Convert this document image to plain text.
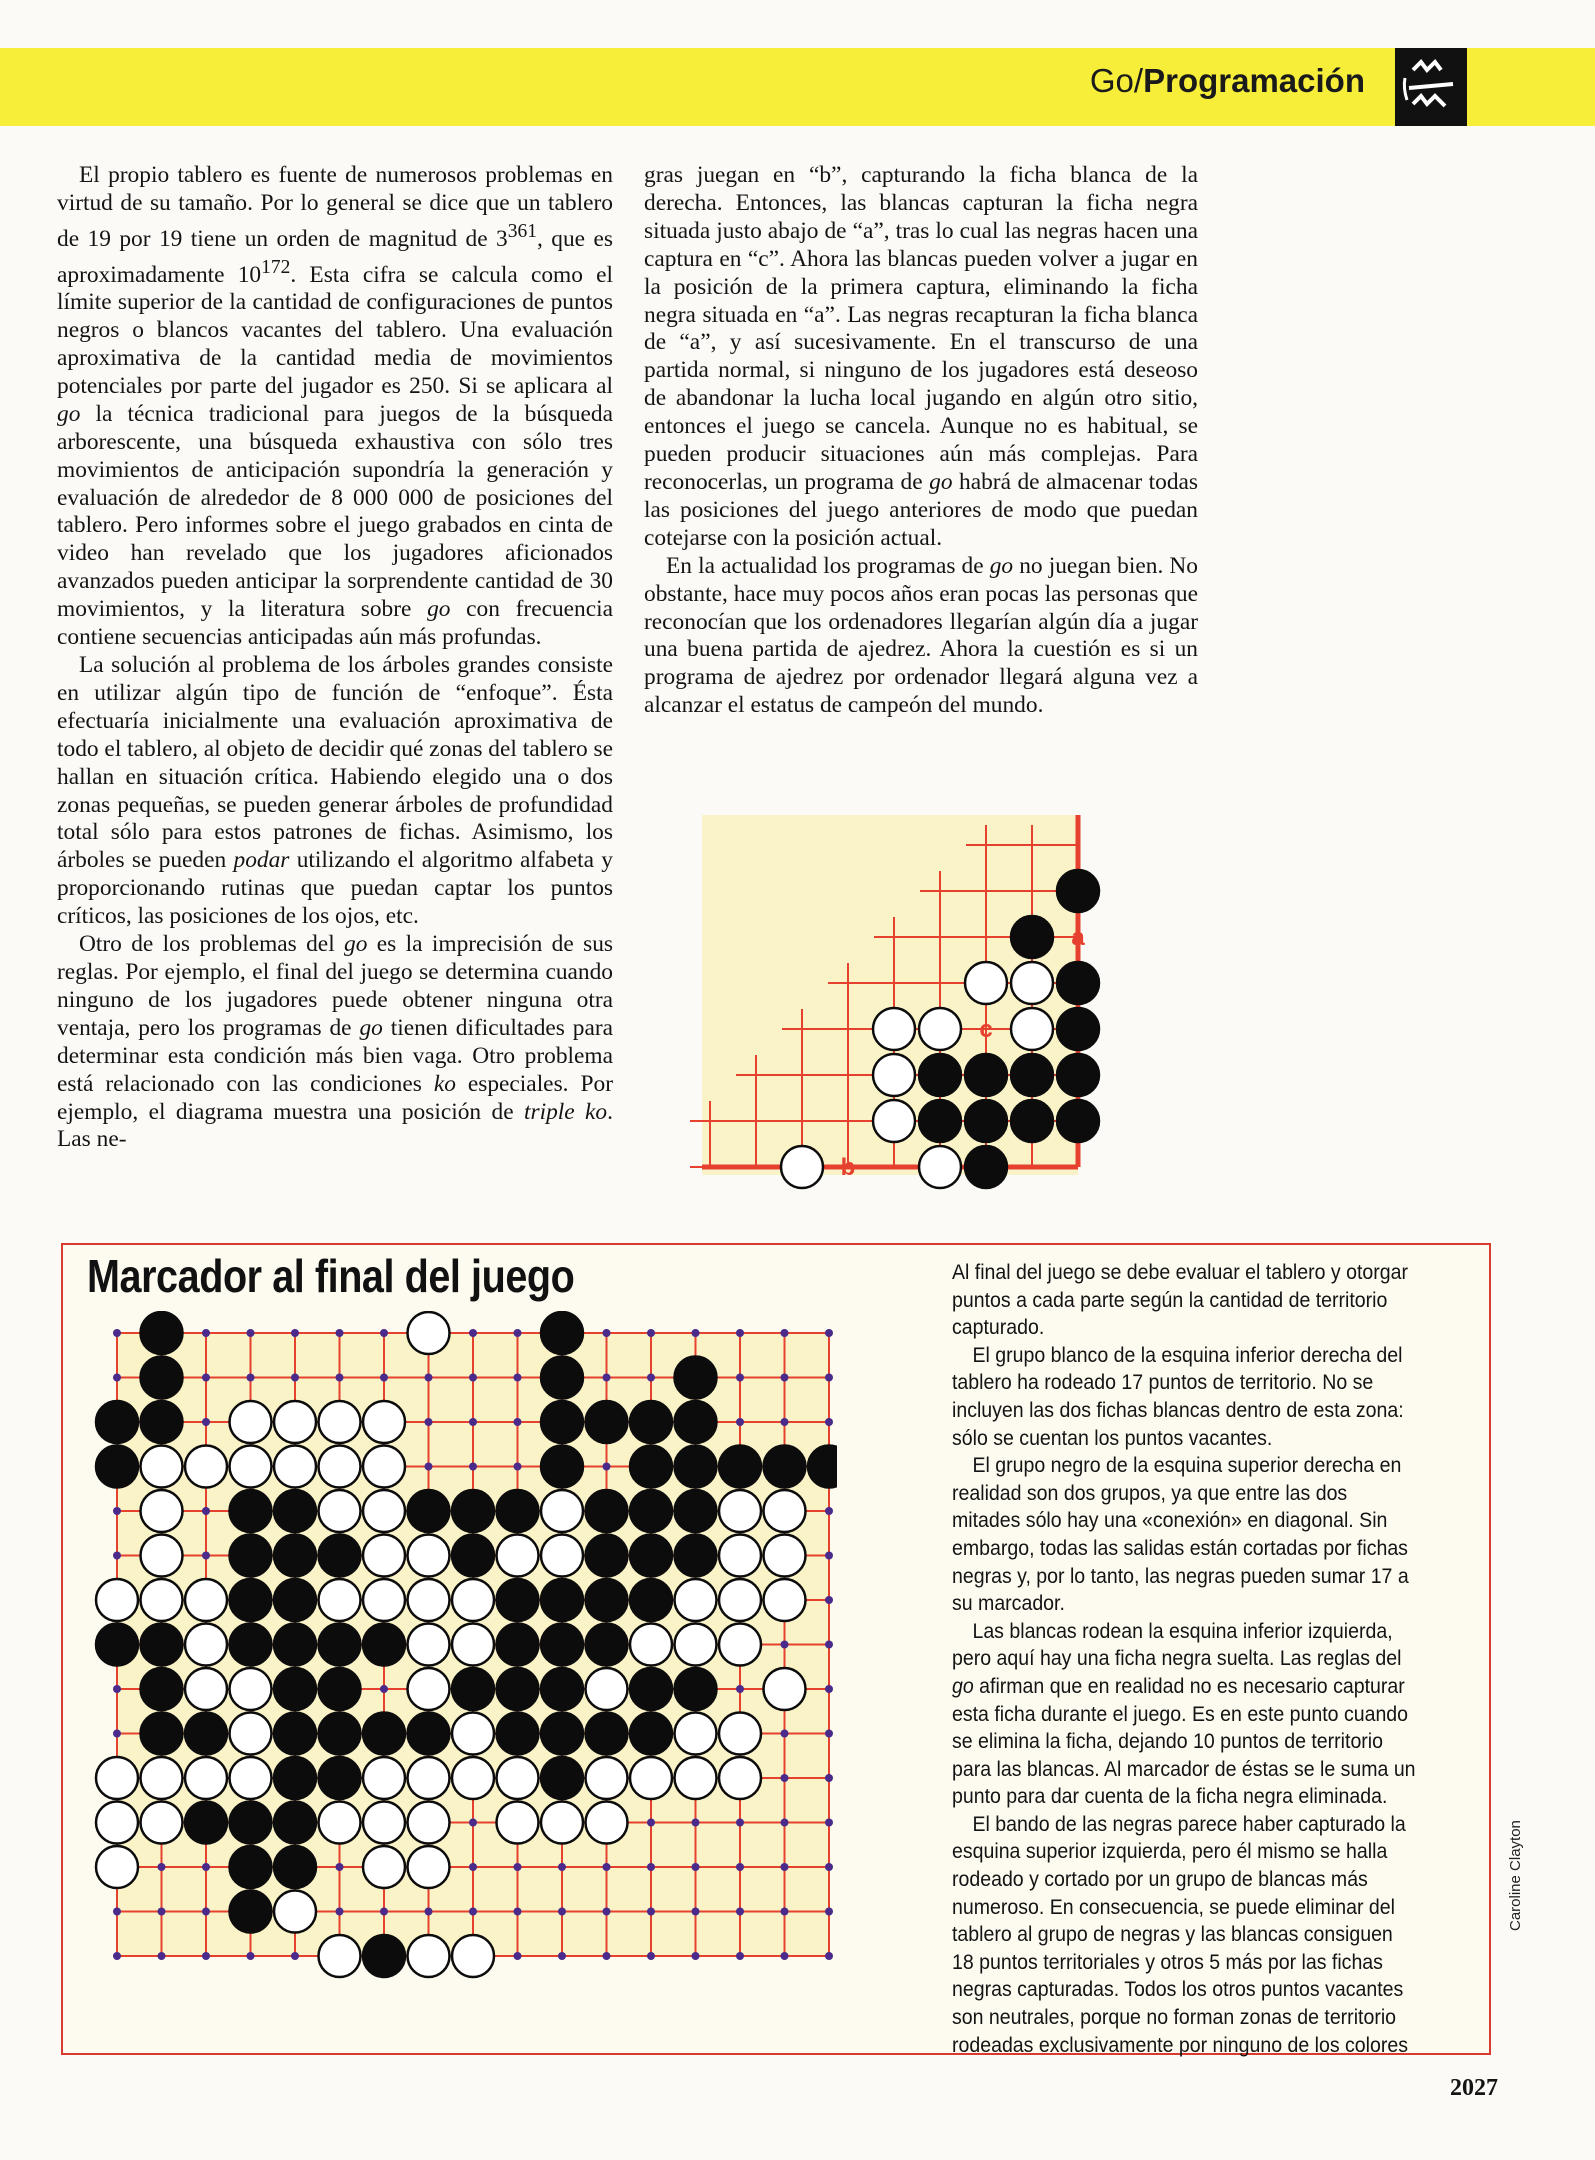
Go/Programación

El propio tablero es fuente de numerosos problemas en virtud de su tamaño. Por lo general se dice que un tablero de 19 por 19 tiene un orden de magnitud de $3^{361}$, que es aproximadamente $10^{172}$. Esta cifra se calcula como el límite superior de la cantidad de configuraciones de puntos negros o blancos vacantes del tablero. Una evaluación aproximativa de la cantidad media de movimientos potenciales por parte del jugador es 250. Si se aplicara al go la técnica tradicional para juegos de la búsqueda arborescente, una búsqueda exhaustiva con sólo tres movimientos de anticipación supondría la generación y evaluación de alrededor de 8 000 000 de posiciones del tablero. Pero informes sobre el juego grabados en cinta de video han revelado que los jugadores aficionados avanzados pueden anticipar la sorprendente cantidad de 30 movimientos, y la literatura sobre go con frecuencia contiene secuencias anticipadas aún más profundas.

La solución al problema de los árboles grandes consiste en utilizar algún tipo de función de “enfoque”. Ésta efectuaría inicialmente una evaluación aproximativa de todo el tablero, al objeto de decidir qué zonas del tablero se hallan en situación crítica. Habiendo elegido una o dos zonas pequeñas, se pueden generar árboles de profundidad total sólo para estos patrones de fichas. Asimismo, los árboles se pueden podar utilizando el algoritmo alfabeta y proporcionando rutinas que puedan captar los puntos críticos, las posiciones de los ojos, etc.

Otro de los problemas del go es la imprecisión de sus reglas. Por ejemplo, el final del juego se determina cuando ninguno de los jugadores puede obtener ninguna otra ventaja, pero los programas de go tienen dificultades para determinar esta condición más bien vaga. Otro problema está relacionado con las condiciones ko especiales. Por ejemplo, el diagrama muestra una posición de triple ko. Las ne-

gras juegan en “b”, capturando la ficha blanca de la derecha. Entonces, las blancas capturan la ficha negra situada justo abajo de “a”, tras lo cual las negras hacen una captura en “c”. Ahora las blancas pueden volver a jugar en la posición de la primera captura, eliminando la ficha negra situada en “a”. Las negras recapturan la ficha blanca de “a”, y así sucesivamente. En el transcurso de una partida normal, si ninguno de los jugadores está deseoso de abandonar la lucha local jugando en algún otro sitio, entonces el juego se cancela. Aunque no es habitual, se pueden producir situaciones aún más complejas. Para reconocerlas, un programa de go habrá de almacenar todas las posiciones del juego anteriores de modo que puedan cotejarse con la posición actual.

En la actualidad los programas de go no juegan bien. No obstante, hace muy pocos años eran pocas las personas que reconocían que los ordenadores llegarían algún día a jugar una buena partida de ajedrez. Ahora la cuestión es si un programa de ajedrez por ordenador llegará alguna vez a alcanzar el estatus de campeón del mundo.

a
c
b
Marcador al final del juego	Al final del juego se debe evaluar el tablero y otorgar puntos a cada parte según la cantidad de territorio capturado.

El grupo blanco de la esquina inferior derecha del tablero ha rodeado 17 puntos de territorio. No se incluyen las dos fichas blancas dentro de esta zona: sólo se cuentan los puntos vacantes.

El grupo negro de la esquina superior derecha en realidad son dos grupos, ya que entre las dos mitades sólo hay una «conexión» en diagonal. Sin embargo, todas las salidas están cortadas por fichas negras y, por lo tanto, las negras pueden sumar 17 a su marcador.

Las blancas rodean la esquina inferior izquierda, pero aquí hay una ficha negra suelta. Las reglas del go afirman que en realidad no es necesario capturar esta ficha durante el juego. Es en este punto cuando se elimina la ficha, dejando 10 puntos de territorio para las blancas. Al marcador de éstas se le suma un punto para dar cuenta de la ficha negra eliminada.

El bando de las negras parece haber capturado la esquina superior izquierda, pero él mismo se halla rodeado y cortado por un grupo de blancas más numeroso. En consecuencia, se puede eliminar del tablero al grupo de negras y las blancas consiguen 18 puntos territoriales y otros 5 más por las fichas negras capturadas. Todos los otros puntos vacantes son neutrales, porque no forman zonas de territorio rodeadas exclusivamente por ninguno de los colores

Caroline Clayton
2027
